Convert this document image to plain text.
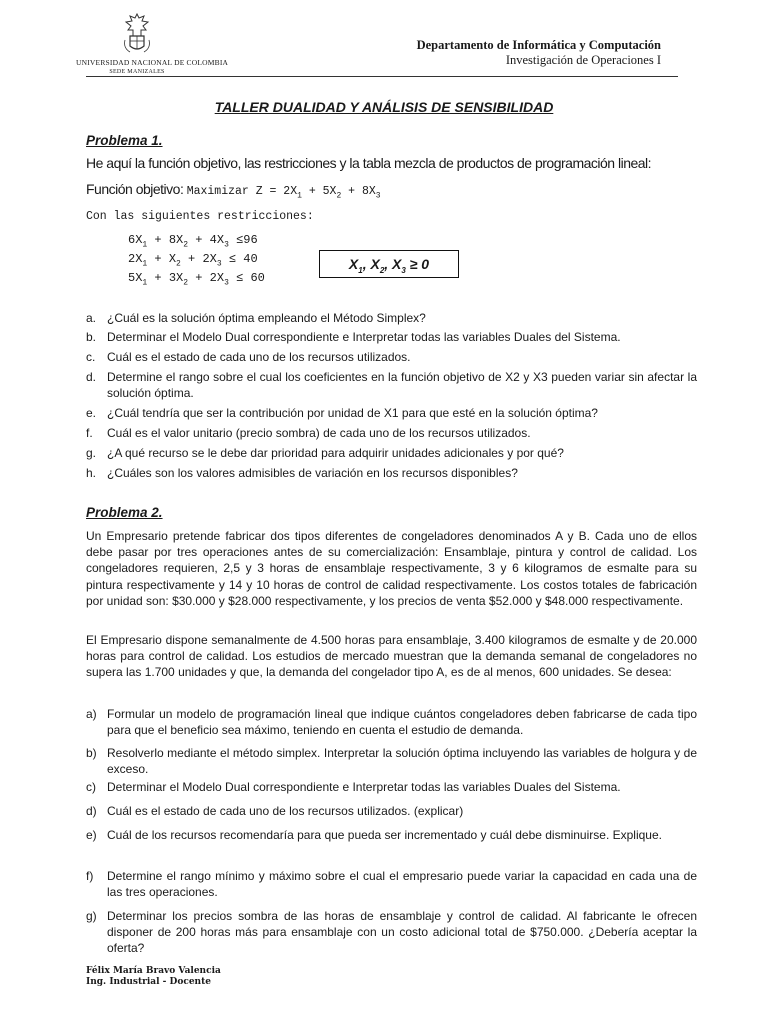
UNIVERSIDAD NACIONAL DE COLOMBIA
SEDE MANIZALES
Departamento de Informática y Computación
Investigación de Operaciones I
TALLER DUALIDAD Y ANÁLISIS DE SENSIBILIDAD
Problema 1.
He aquí la función objetivo, las restricciones y la tabla mezcla de productos de programación lineal:
Función objetivo: Maximizar $Z = 2X_1 + 5X_2 + 8X_3$
Con las siguientes restricciones:
$6X_1 + 8X_2 + 4X_3 \le 96$
$2X_1 + X_2 + 2X_3 \le 40$
$5X_1 + 3X_2 + 2X_3 \le 60$
$X_1$, $X_2$, $X_3 \ge 0$
a. ¿Cuál es la solución óptima empleando el Método Simplex?
b. Determinar el Modelo Dual correspondiente e Interpretar todas las variables Duales del Sistema.
c. Cuál es el estado de cada uno de los recursos utilizados.
d. Determine el rango sobre el cual los coeficientes en la función objetivo de X2 y X3 pueden variar sin afectar la solución óptima.
e. ¿Cuál tendría que ser la contribución por unidad de X1 para que esté en la solución óptima?
f. Cuál es el valor unitario (precio sombra) de cada uno de los recursos utilizados.
g. ¿A qué recurso se le debe dar prioridad para adquirir unidades adicionales y por qué?
h. ¿Cuáles son los valores admisibles de variación en los recursos disponibles?
Problema 2.
Un Empresario pretende fabricar dos tipos diferentes de congeladores denominados A y B. Cada uno de ellos debe pasar por tres operaciones antes de su comercialización: Ensamblaje, pintura y control de calidad. Los congeladores requieren, 2,5 y 3 horas de ensamblaje respectivamente, 3 y 6 kilogramos de esmalte para su pintura respectivamente y 14 y 10 horas de control de calidad respectivamente. Los costos totales de fabricación por unidad son: $30.000 y $28.000 respectivamente, y los precios de venta $52.000 y $48.000 respectivamente.
El Empresario dispone semanalmente de 4.500 horas para ensamblaje, 3.400 kilogramos de esmalte y de 20.000 horas para control de calidad. Los estudios de mercado muestran que la demanda semanal de congeladores no supera las 1.700 unidades y que, la demanda del congelador tipo A, es de al menos, 600 unidades. Se desea:
a) Formular un modelo de programación lineal que indique cuántos congeladores deben fabricarse de cada tipo para que el beneficio sea máximo, teniendo en cuenta el estudio de demanda.
b) Resolverlo mediante el método simplex. Interpretar la solución óptima incluyendo las variables de holgura y de exceso.
c) Determinar el Modelo Dual correspondiente e Interpretar todas las variables Duales del Sistema.
d) Cuál es el estado de cada uno de los recursos utilizados. (explicar)
e) Cuál de los recursos recomendaría para que pueda ser incrementado y cuál debe disminuirse. Explique.
f) Determine el rango mínimo y máximo sobre el cual el empresario puede variar la capacidad en cada una de las tres operaciones.
g) Determinar los precios sombra de las horas de ensamblaje y control de calidad. Al fabricante le ofrecen disponer de 200 horas más para ensamblaje con un costo adicional total de $750.000. ¿Debería aceptar la oferta?
Félix María Bravo Valencia
Ing. Industrial - Docente
